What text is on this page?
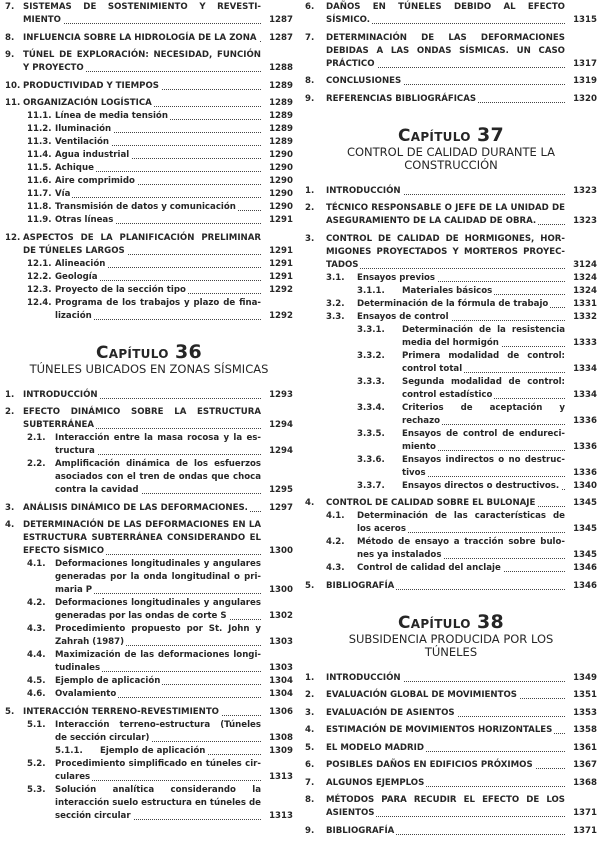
7.	SISTEMAS DE SOSTENIMIENTO Y REVESTIMIENTO	1287
8.	INFLUENCIA SOBRE LA HIDROLOGÍA DE LA ZONA	1287
9.	TÚNEL DE EXPLORACIÓN: NECESIDAD, FUNCIÓN Y PROYECTO	1288
10. PRODUCTIVIDAD Y TIEMPOS	1289
11. ORGANIZACIÓN LOGÍSTICA	1289
11.1. Línea de media tensión	1289
11.2. Iluminación	1289
11.3. Ventilación	1289
11.4. Agua industrial	1290
11.5. Achique	1290
11.6. Aire comprimido	1290
11.7. Vía	1290
11.8. Transmisión de datos y comunicación	1290
11.9. Otras líneas	1291
12. ASPECTOS DE LA PLANIFICACIÓN PRELIMINAR DE TÚNELES LARGOS	1291
12.1. Alineación	1291
12.2. Geología	1291
12.3. Proyecto de la sección tipo	1292
12.4. Programa de los trabajos y plazo de finalización	1292
Capítulo 36
TÚNELES UBICADOS EN ZONAS SÍSMICAS
1.	INTRODUCCIÓN	1293
2.	EFECTO DINÁMICO SOBRE LA ESTRUCTURA SUBTERRÁNEA	1294
2.1.	Interacción entre la masa rocosa y la estructura	1294
2.2.	Amplificación dinámica de los esfuerzos asociados con el tren de ondas que choca contra la cavidad	1295
3.	ANÁLISIS DINÁMICO DE LAS DEFORMACIONES.	1297
4.	DETERMINACIÓN DE LAS DEFORMACIONES EN LA ESTRUCTURA SUBTERRÁNEA CONSIDERANDO EL EFECTO SÍSMICO	1300
4.1.	Deformaciones longitudinales y angulares generadas por la onda longitudinal o primaria P	1300
4.2.	Deformaciones longitudinales y angulares generadas por las ondas de corte S	1302
4.3.	Procedimiento propuesto por St. John y Zahrah (1987)	1303
4.4.	Maximización de las deformaciones longitudinales	1303
4.5.	Ejemplo de aplicación	1304
4.6.	Ovalamiento	1304
5.	INTERACCIÓN TERRENO-REVESTIMIENTO	1306
5.1.	Interacción terreno-estructura (Túneles de sección circular)	1308
5.1.1.	Ejemplo de aplicación	1309
5.2.	Procedimiento simplificado en túneles circulares	1313
5.3.	Solución analítica considerando la interacción suelo estructura en túneles de sección circular	1313
6.	DAÑOS EN TÚNELES DEBIDO AL EFECTO SÍSMICO.	1315
7.	DETERMINACIÓN DE LAS DEFORMACIONES DEBIDAS A LAS ONDAS SÍSMICAS. UN CASO PRÁCTICO	1317
8.	CONCLUSIONES	1319
9.	REFERENCIAS BIBLIOGRÁFICAS	1320
Capítulo 37
CONTROL DE CALIDAD DURANTE LA CONSTRUCCIÓN
1.	INTRODUCCIÓN	1323
2.	TÉCNICO RESPONSABLE O JEFE DE LA UNIDAD DE ASEGURAMIENTO DE LA CALIDAD DE OBRA.	1323
3.	CONTROL DE CALIDAD DE HORMIGONES, HORMIGONES PROYECTADOS Y MORTEROS PROYECTADOS	3124
3.1.	Ensayos previos	1324
3.1.1.	Materiales básicos	1324
3.2.	Determinación de la fórmula de trabajo	1331
3.3.	Ensayos de control	1332
3.3.1.	Determinación de la resistencia media del hormigón	1333
3.3.2.	Primera modalidad de control: control total	1334
3.3.3.	Segunda modalidad de control: control estadístico	1334
3.3.4.	Criterios de aceptación y rechazo	1336
3.3.5.	Ensayos de control de endurecimiento	1336
3.3.6.	Ensayos indirectos o no destructivos	1336
3.3.7.	Ensayos directos o destructivos.	1340
4.	CONTROL DE CALIDAD SOBRE EL BULONAJE	1345
4.1.	Determinación de las características de los aceros	1345
4.2.	Método de ensayo a tracción sobre bulones ya instalados	1345
4.3.	Control de calidad del anclaje	1346
5.	BIBLIOGRAFÍA	1346
Capítulo 38
SUBSIDENCIA PRODUCIDA POR LOS TÚNELES
1.	INTRODUCCIÓN	1349
2.	EVALUACIÓN GLOBAL DE MOVIMIENTOS	1351
3.	EVALUACIÓN DE ASIENTOS	1353
4.	ESTIMACIÓN DE MOVIMIENTOS HORIZONTALES	1358
5.	EL MODELO MADRID	1361
6.	POSIBLES DAÑOS EN EDIFICIOS PRÓXIMOS	1367
7.	ALGUNOS EJEMPLOS	1368
8.	MÉTODOS PARA RECUDIR EL EFECTO DE LOS ASIENTOS	1371
9.	BIBLIOGRAFÍA	1371
